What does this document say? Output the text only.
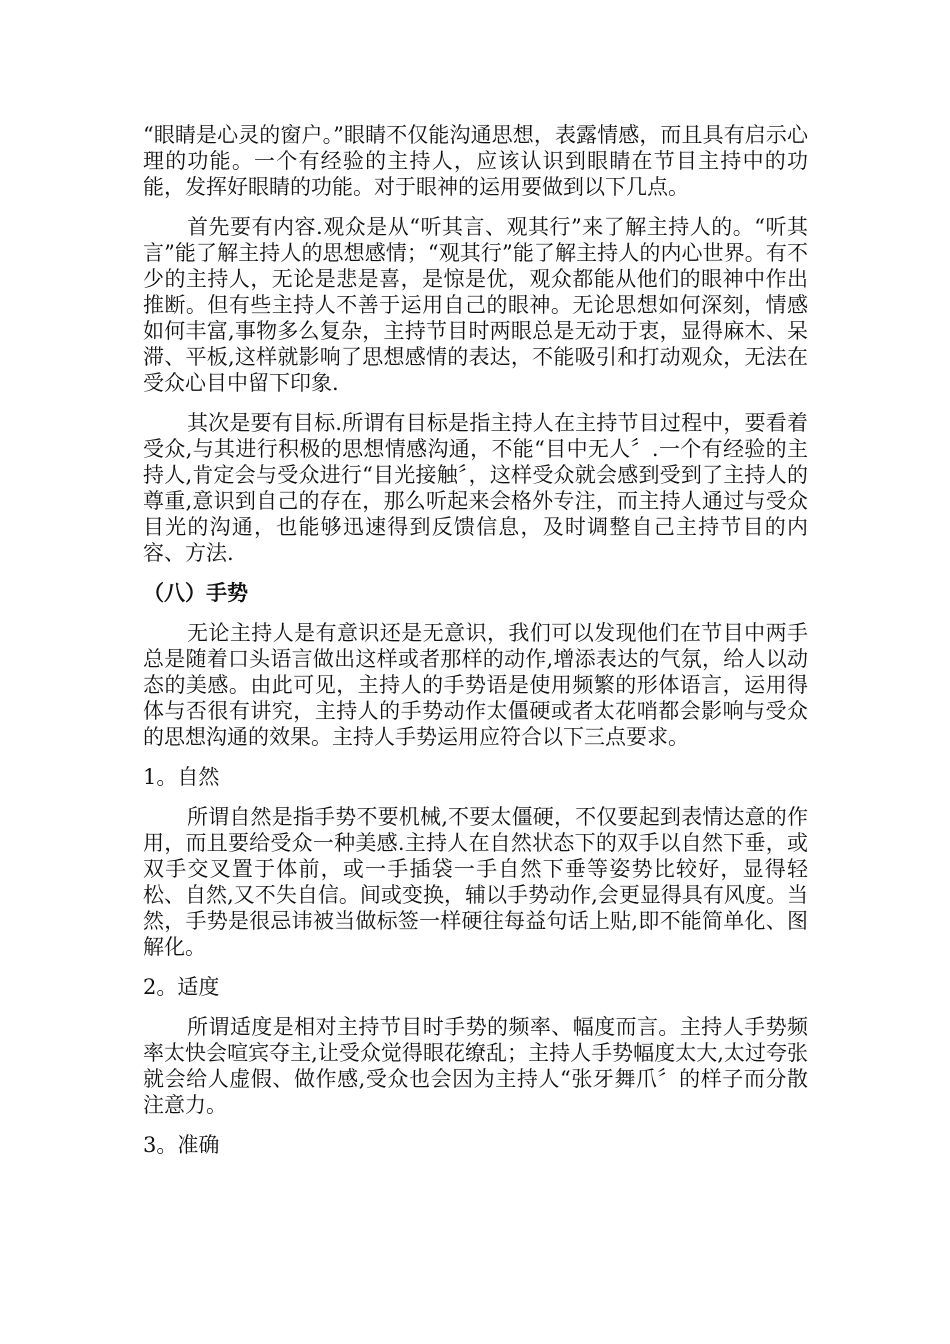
“眼睛是心灵的窗户。”眼睛不仅能沟通思想，表露情感，而且具有启示心理的功能。一个有经验的主持人，应该认识到眼睛在节目主持中的功能，发挥好眼睛的功能。对于眼神的运用要做到以下几点。

首先要有内容.观众是从“听其言、观其行”来了解主持人的。“听其言”能了解主持人的思想感情；“观其行”能了解主持人的内心世界。有不少的主持人，无论是悲是喜，是惊是优，观众都能从他们的眼神中作出推断。但有些主持人不善于运用自己的眼神。无论思想如何深刻，情感如何丰富,事物多么复杂，主持节目时两眼总是无动于衷，显得麻木、呆滞、平板,这样就影响了思想感情的表达，不能吸引和打动观众，无法在受众心目中留下印象.

其次是要有目标.所谓有目标是指主持人在主持节目过程中，要看着受众,与其进行积极的思想情感沟通，不能“目中无人〞.一个有经验的主持人,肯定会与受众进行“目光接触〞，这样受众就会感到受到了主持人的尊重,意识到自己的存在，那么听起来会格外专注，而主持人通过与受众目光的沟通，也能够迅速得到反馈信息，及时调整自己主持节目的内容、方法.

（八）手势

无论主持人是有意识还是无意识，我们可以发现他们在节目中两手总是随着口头语言做出这样或者那样的动作,增添表达的气氛，给人以动态的美感。由此可见，主持人的手势语是使用频繁的形体语言，运用得体与否很有讲究，主持人的手势动作太僵硬或者太花哨都会影响与受众的思想沟通的效果。主持人手势运用应符合以下三点要求。

1。自然

所谓自然是指手势不要机械,不要太僵硬，不仅要起到表情达意的作用，而且要给受众一种美感.主持人在自然状态下的双手以自然下垂，或双手交叉置于体前，或一手插袋一手自然下垂等姿势比较好，显得轻松、自然,又不失自信。间或变换，辅以手势动作,会更显得具有风度。当然，手势是很忌讳被当做标签一样硬往每益句话上贴,即不能简单化、图解化。

2。适度

所谓适度是相对主持节目时手势的频率、幅度而言。主持人手势频率太快会喧宾夺主,让受众觉得眼花缭乱；主持人手势幅度太大,太过夸张就会给人虚假、做作感,受众也会因为主持人“张牙舞爪〞的样子而分散注意力。

3。准确
